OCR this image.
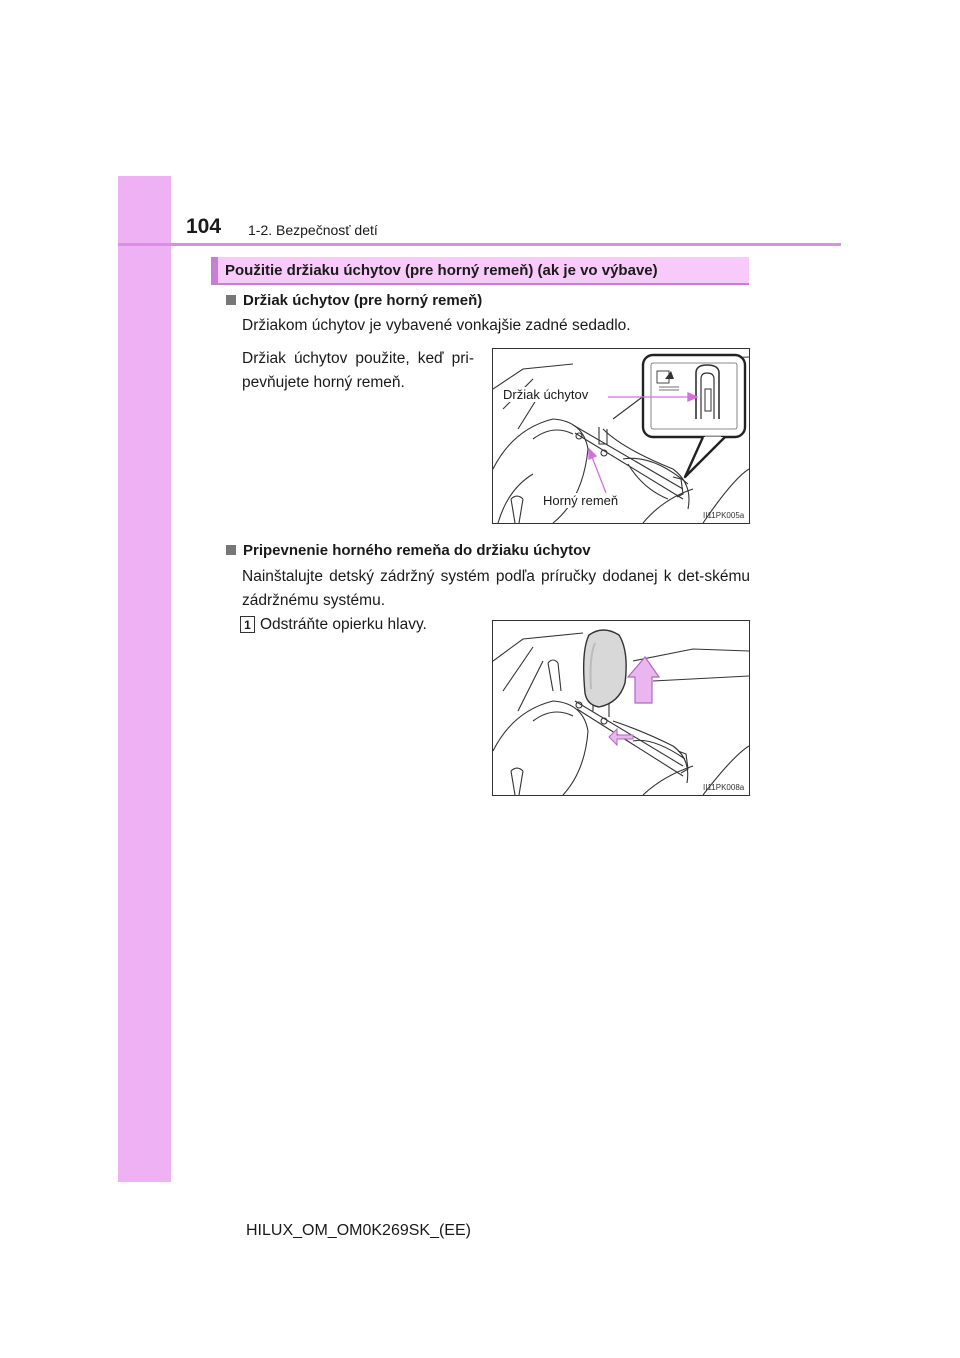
104 1-2. Bezpečnosť detí
Použitie držiaku úchytov (pre horný remeň) (ak je vo výbave)
Držiak úchytov (pre horný remeň)
Držiakom úchytov je vybavené vonkajšie zadné sedadlo.
Držiak úchytov použite, keď pri-pevňujete horný remeň.
Držiak úchytov
Horný remeň
II11PK005a
Pripevnenie horného remeňa do držiaku úchytov
Nainštalujte detský zádržný systém podľa príručky dodanej k det-skému zádržnému systému.
1 Odstráňte opierku hlavy.
II11PK008a
HILUX_OM_OM0K269SK_(EE)
